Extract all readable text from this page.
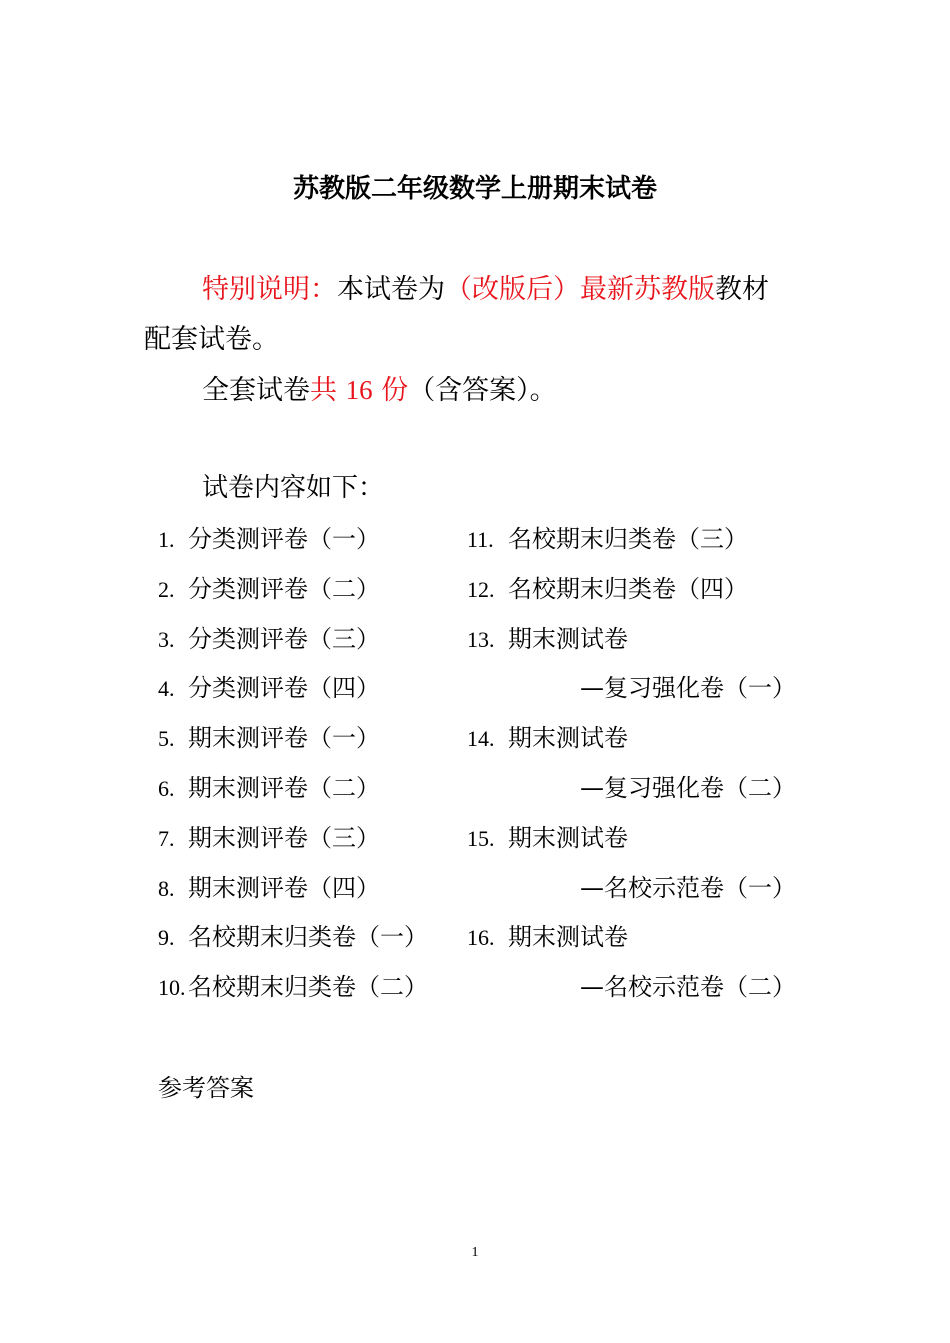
苏教版二年级数学上册期末试卷
特别说明：本试卷为（改版后）最新苏教版教材
配套试卷。
全套试卷共 16 份（含答案）。
试卷内容如下：
1. 分类测评卷（一）
2. 分类测评卷（二）
3. 分类测评卷（三）
4. 分类测评卷（四）
5. 期末测评卷（一）
6. 期末测评卷（二）
7. 期末测评卷（三）
8. 期末测评卷（四）
9. 名校期末归类卷（一）
10. 名校期末归类卷（二）
11. 名校期末归类卷（三）
12. 名校期末归类卷（四）
13. 期末测试卷
—复习强化卷（一）
14. 期末测试卷
—复习强化卷（二）
15. 期末测试卷
—名校示范卷（一）
16. 期末测试卷
—名校示范卷（二）
参考答案
1
